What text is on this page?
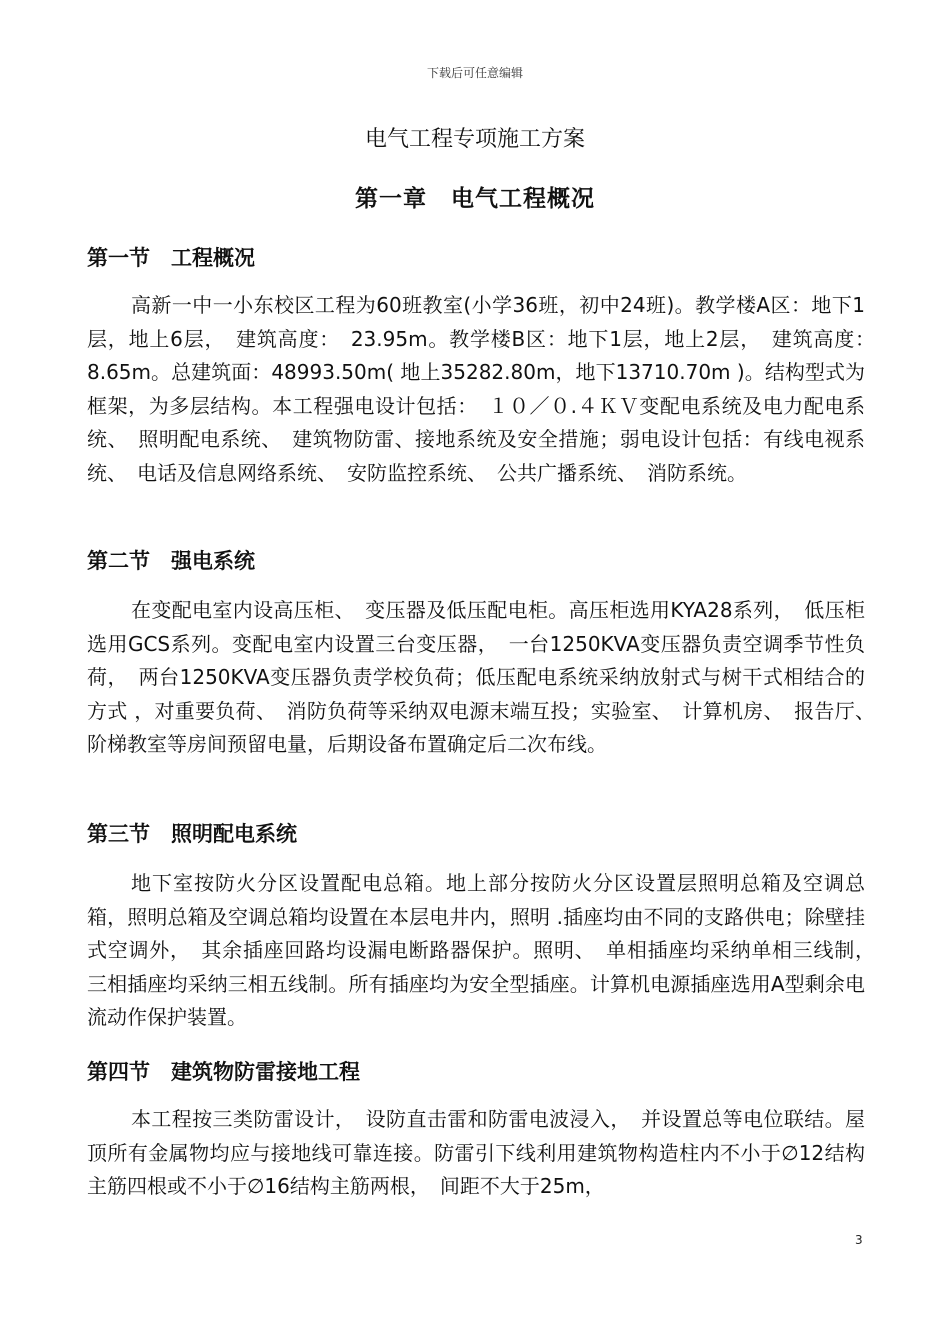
下载后可任意编辑
电气工程专项施工方案
第一章　电气工程概况
第一节　工程概况

高新一中一小东校区工程为60班教室(小学36班，初中24班)。教学楼A区：地下1层，地上6层，　建筑高度：　23.95m。教学楼B区：地下1层，地上2层，　建筑高度：　8.65m。总建筑面：48993.50m( 地上35282.80m，地下13710.70m )。结构型式为框架，为多层结构。本工程强电设计包括：　１０／０.４ＫＶ变配电系统及电力配电系统、　照明配电系统、　建筑物防雷、接地系统及安全措施；弱电设计包括：有线电视系统、　电话及信息网络系统、　安防监控系统、　公共广播系统、　消防系统。

第二节　强电系统

在变配电室内设高压柜、　变压器及低压配电柜。高压柜选用KYA28系列，　低压柜选用GCS系列。变配电室内设置三台变压器，　一台1250KVA变压器负责空调季节性负荷，　两台1250KVA变压器负责学校负荷；低压配电系统采纳放射式与树干式相结合的方式 ，对重要负荷、　消防负荷等采纳双电源末端互投；实验室、　计算机房、　报告厅、　阶梯教室等房间预留电量，后期设备布置确定后二次布线。

第三节　照明配电系统

地下室按防火分区设置配电总箱。地上部分按防火分区设置层照明总箱及空调总箱，照明总箱及空调总箱均设置在本层电井内，照明 .插座均由不同的支路供电；除壁挂式空调外，　其余插座回路均设漏电断路器保护。照明、　单相插座均采纳单相三线制，　三相插座均采纳三相五线制。所有插座均为安全型插座。计算机电源插座选用A型剩余电流动作保护装置。

第四节　建筑物防雷接地工程

本工程按三类防雷设计，　设防直击雷和防雷电波浸入，　并设置总等电位联结。屋顶所有金属物均应与接地线可靠连接。防雷引下线利用建筑物构造柱内不小于∅12结构主筋四根或不小于∅16结构主筋两根，　间距不大于25m，

3
